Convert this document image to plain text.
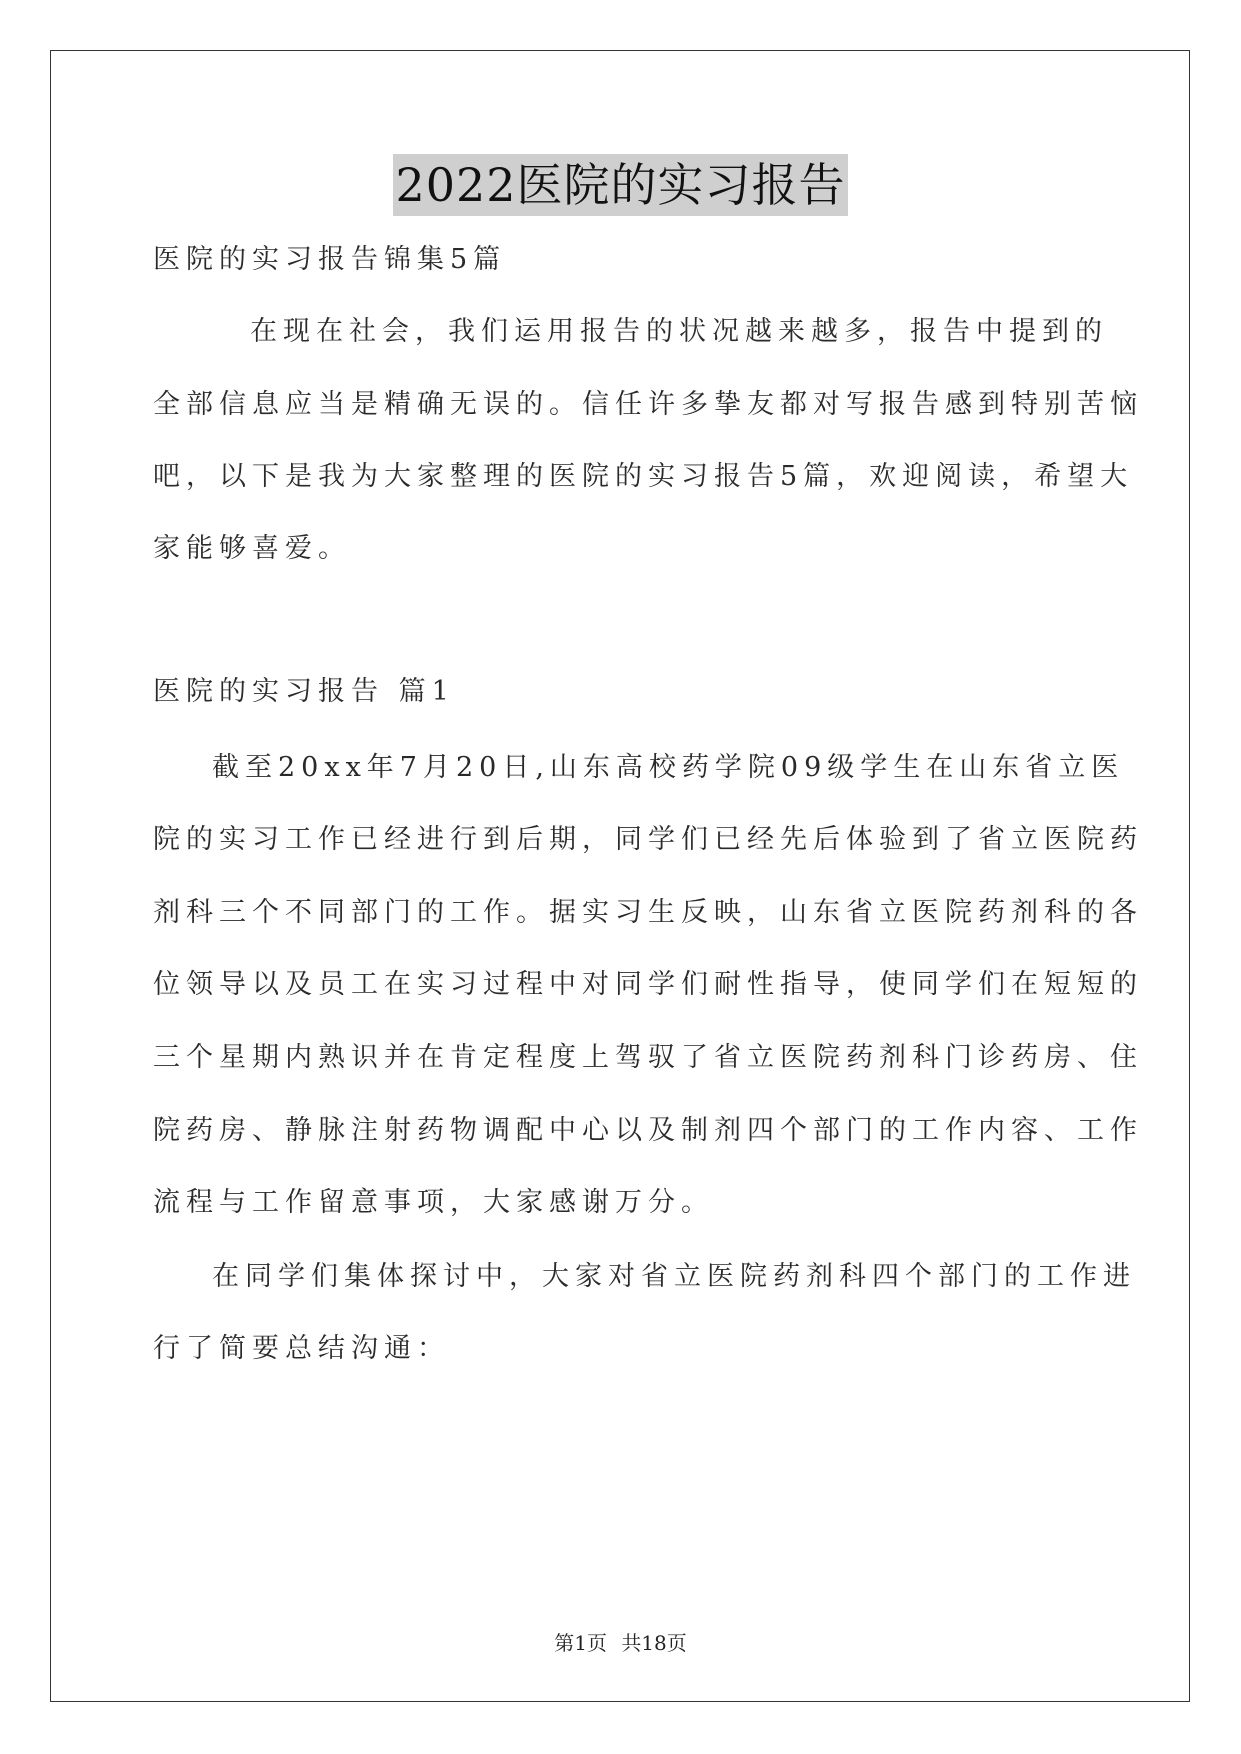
2022医院的实习报告
医院的实习报告锦集5篇
在现在社会，我们运用报告的状况越来越多，报告中提到的
全部信息应当是精确无误的。信任许多挚友都对写报告感到特别苦恼
吧，以下是我为大家整理的医院的实习报告5篇，欢迎阅读，希望大
家能够喜爱。
医院的实习报告 篇1
截至20xx年7月20日,山东高校药学院09级学生在山东省立医
院的实习工作已经进行到后期，同学们已经先后体验到了省立医院药
剂科三个不同部门的工作。据实习生反映，山东省立医院药剂科的各
位领导以及员工在实习过程中对同学们耐性指导，使同学们在短短的
三个星期内熟识并在肯定程度上驾驭了省立医院药剂科门诊药房、住
院药房、静脉注射药物调配中心以及制剂四个部门的工作内容、工作
流程与工作留意事项，大家感谢万分。
在同学们集体探讨中，大家对省立医院药剂科四个部门的工作进
行了简要总结沟通：
第1页 共18页
